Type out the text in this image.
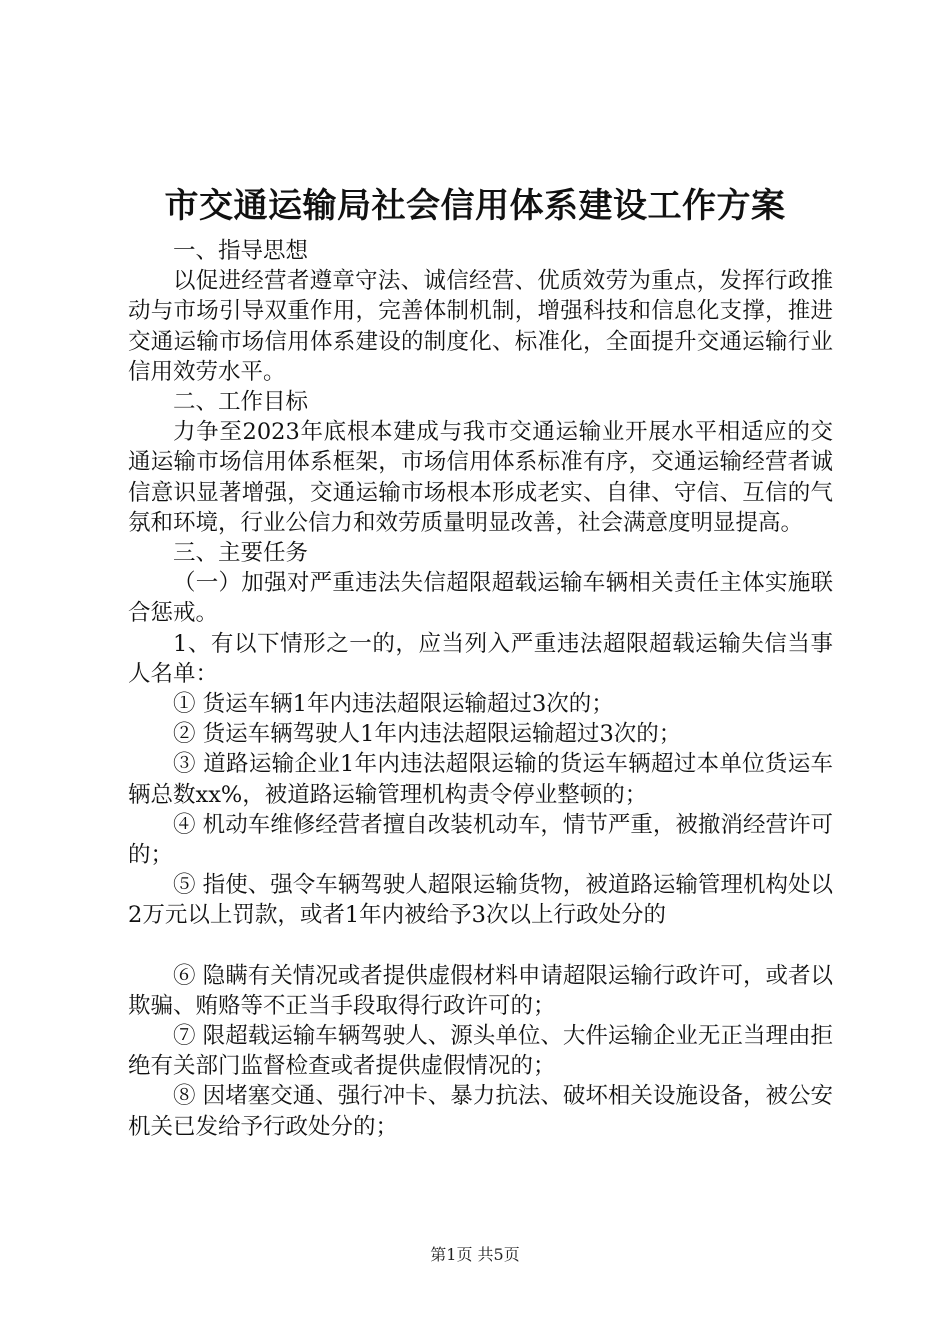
市交通运输局社会信用体系建设工作方案

一、指导思想

以促进经营者遵章守法、诚信经营、优质效劳为重点，发挥行政推动与市场引导双重作用，完善体制机制，增强科技和信息化支撑，推进交通运输市场信用体系建设的制度化、标准化，全面提升交通运输行业信用效劳水平。

二、工作目标

力争至2023年底根本建成与我市交通运输业开展水平相适应的交通运输市场信用体系框架，市场信用体系标准有序，交通运输经营者诚信意识显著增强，交通运输市场根本形成老实、自律、守信、互信的气氛和环境，行业公信力和效劳质量明显改善，社会满意度明显提高。

三、主要任务

（一）加强对严重违法失信超限超载运输车辆相关责任主体实施联合惩戒。

1、有以下情形之一的，应当列入严重违法超限超载运输失信当事人名单：

① 货运车辆1年内违法超限运输超过3次的；

② 货运车辆驾驶人1年内违法超限运输超过3次的；

③ 道路运输企业1年内违法超限运输的货运车辆超过本单位货运车辆总数xx%，被道路运输管理机构责令停业整顿的；

④ 机动车维修经营者擅自改装机动车，情节严重，被撤消经营许可的；

⑤ 指使、强令车辆驾驶人超限运输货物，被道路运输管理机构处以2万元以上罚款，或者1年内被给予3次以上行政处分的

⑥ 隐瞒有关情况或者提供虚假材料申请超限运输行政许可，或者以欺骗、贿赂等不正当手段取得行政许可的；

⑦ 限超载运输车辆驾驶人、源头单位、大件运输企业无正当理由拒绝有关部门监督检查或者提供虚假情况的；

⑧ 因堵塞交通、强行冲卡、暴力抗法、破坏相关设施设备，被公安机关已发给予行政处分的；

第1页 共5页
